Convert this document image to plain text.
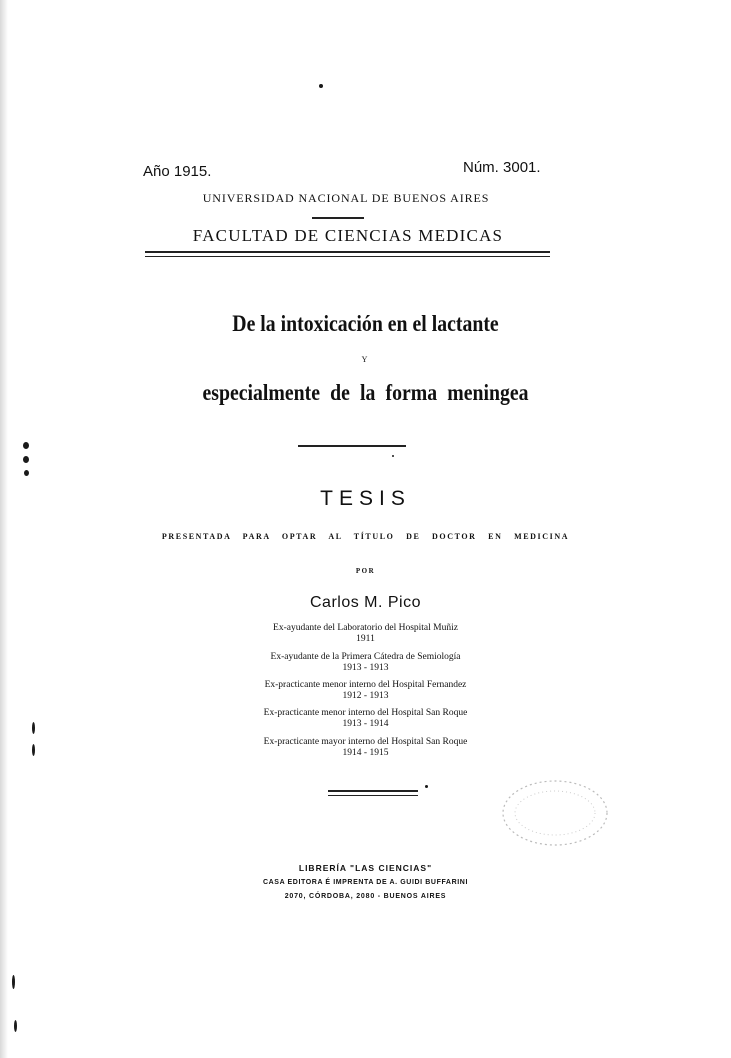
Año 1915.	Núm. 3001.
UNIVERSIDAD NACIONAL DE BUENOS AIRES
FACULTAD DE CIENCIAS MEDICAS
De la intoxicación en el lactante
Y
especialmente de la forma meningea
TESIS
PRESENTADA PARA OPTAR AL TÍTULO DE DOCTOR EN MEDICINA
POR
Carlos M. Pico
Ex-ayudante del Laboratorio del Hospital Muñiz
1911
Ex-ayudante de la Primera Cátedra de Semiología
1913 - 1913
Ex-practicante menor interno del Hospital Fernandez
1912 - 1913
Ex-practicante menor interno del Hospital San Roque
1913 - 1914
Ex-practicante mayor interno del Hospital San Roque
1914 - 1915
LIBRERÍA "LAS CIENCIAS"
CASA EDITORA É IMPRENTA DE A. GUIDI BUFFARINI
2070, CÓRDOBA, 2080 - BUENOS AIRES
